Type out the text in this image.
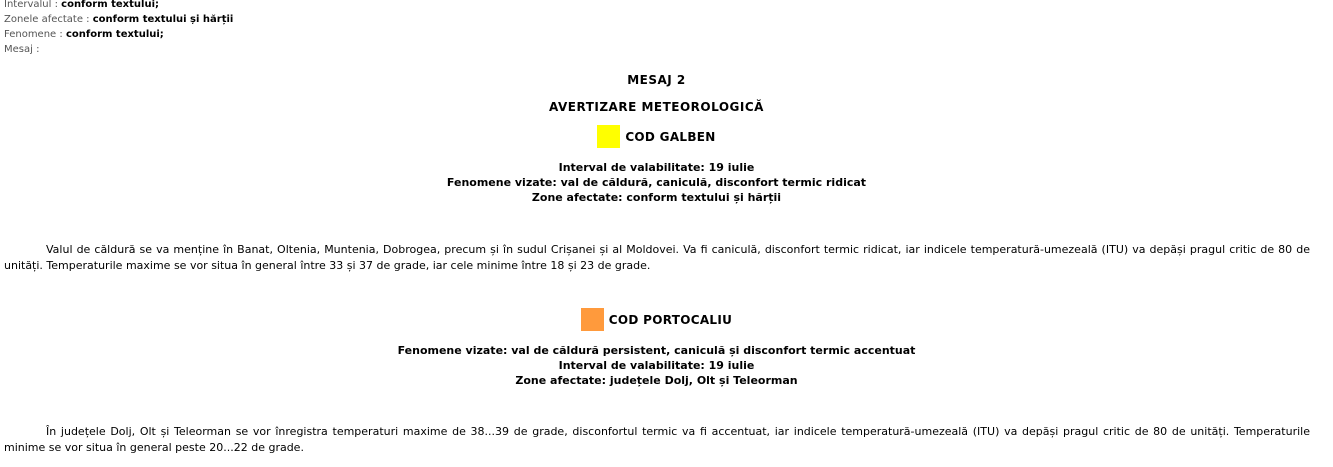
Intervalul : conform textului;
Zonele afectate : conform textului și hărții
Fenomene : conform textului;
Mesaj :
MESAJ 2
AVERTIZARE METEOROLOGICĂ
COD GALBEN
Interval de valabilitate: 19 iulie
Fenomene vizate: val de căldură, caniculă, disconfort termic ridicat
Zone afectate: conform textului și hărții
Valul de căldură se va menține în Banat, Oltenia, Muntenia, Dobrogea, precum și în sudul Crișanei și al Moldovei. Va fi caniculă, disconfort termic ridicat, iar indicele temperatură-umezeală (ITU) va depăși pragul critic de 80 de unități. Temperaturile maxime se vor situa în general între 33 și 37 de grade, iar cele minime între 18 și 23 de grade.
COD PORTOCALIU
Fenomene vizate: val de căldură persistent, caniculă și disconfort termic accentuat
Interval de valabilitate: 19 iulie
Zone afectate: județele Dolj, Olt și Teleorman
În județele Dolj, Olt și Teleorman se vor înregistra temperaturi maxime de 38...39 de grade, disconfortul termic va fi accentuat, iar indicele temperatură-umezeală (ITU) va depăși pragul critic de 80 de unități. Temperaturile minime se vor situa în general peste 20...22 de grade.
